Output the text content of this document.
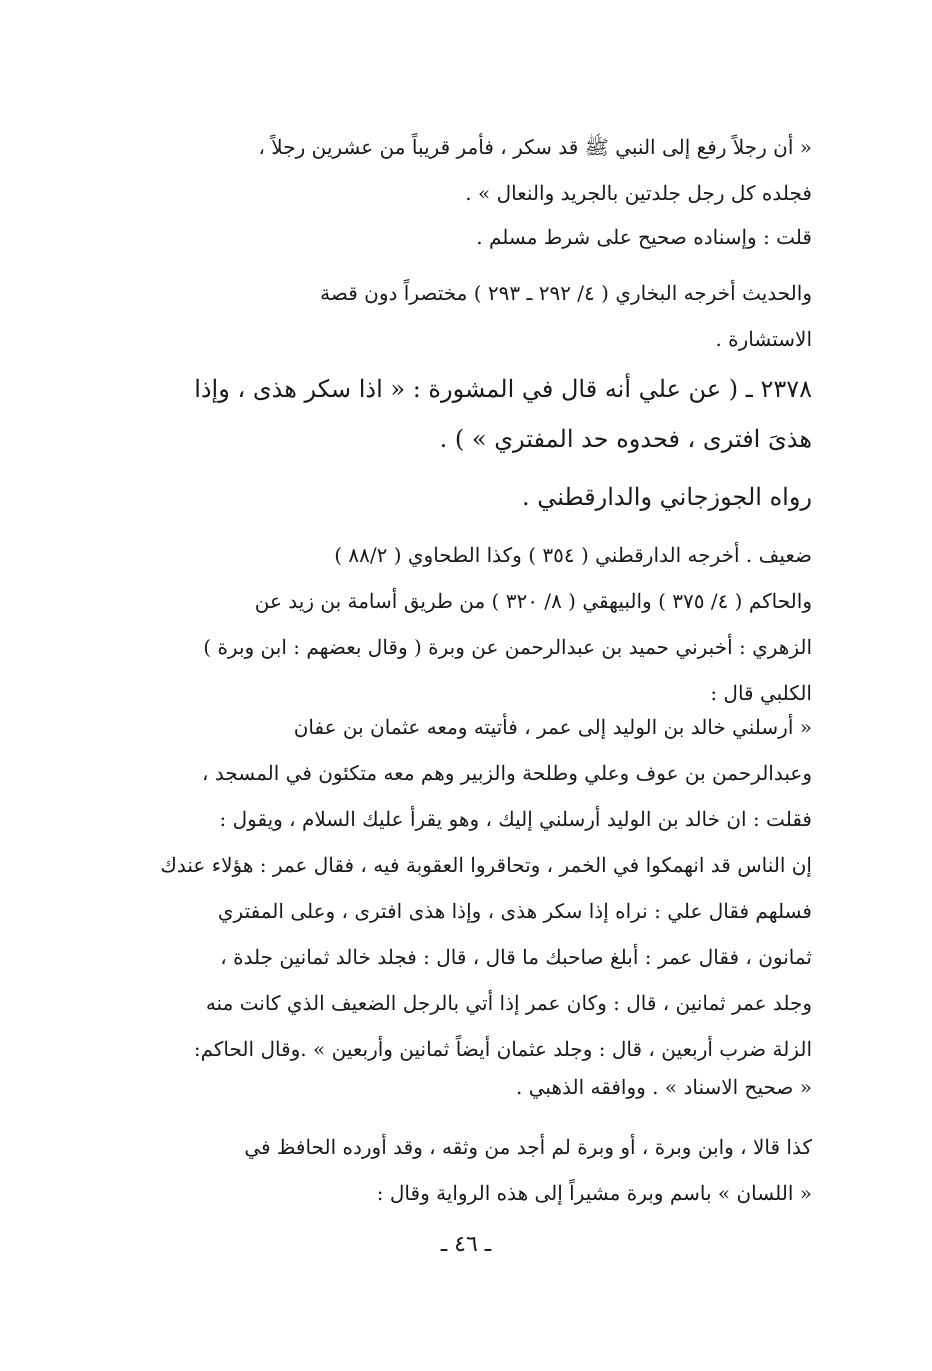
« أن رجلاً رفع إلى النبي ﷺ قد سكر ، فأمر قريباً من عشرين رجلاً ،
فجلده كل رجل جلدتين بالجريد والنعال » .

قلت : وإسناده صحيح على شرط مسلم .

والحديث أخرجه البخاري ( ٤/ ٢٩٢ ـ ٢٩٣ ) مختصراً دون قصة
الاستشارة .

٢٣٧٨ ـ ( عن علي أنه قال في المشورة : « اذا سكر هذى ، وإذا
هذىَ افترى ، فحدوه حد المفتري » ) .

رواه الجوزجاني والدارقطني .

ضعيف . أخرجه الدارقطني ( ٣٥٤ ) وكذا الطحاوي ( ٨٨/٢ )
والحاكم ( ٤/ ٣٧٥ ) والبيهقي ( ٨/ ٣٢٠ ) من طريق أسامة بن زيد عن
الزهري : أخبرني حميد بن عبدالرحمن عن وبرة ( وقال بعضهم : ابن وبرة )
الكلبي قال :

« أرسلني خالد بن الوليد إلى عمر ، فأتيته ومعه عثمان بن عفان
وعبدالرحمن بن عوف وعلي وطلحة والزبير وهم معه متكئون في المسجد ،
فقلت : ان خالد بن الوليد أرسلني إليك ، وهو يقرأ عليك السلام ، ويقول :
إن الناس قد انهمكوا في الخمر ، وتحاقروا العقوبة فيه ، فقال عمر : هؤلاء عندك
فسلهم فقال علي : نراه إذا سكر هذى ، وإذا هذى افترى ، وعلى المفتري
ثمانون ، فقال عمر : أبلغ صاحبك ما قال ، قال : فجلد خالد ثمانين جلدة ،
وجلد عمر ثمانين ، قال : وكان عمر إذا أتي بالرجل الضعيف الذي كانت منه
الزلة ضرب أربعين ، قال : وجلد عثمان أيضاً ثمانين وأربعين » .وقال الحاكم:

« صحيح الاسناد » . ووافقه الذهبي .

كذا قالا ، وابن وبرة ، أو وبرة لم أجد من وثقه ، وقد أورده الحافظ في
« اللسان » باسم وبرة مشيراً إلى هذه الرواية وقال :

ـ ٤٦ ـ
